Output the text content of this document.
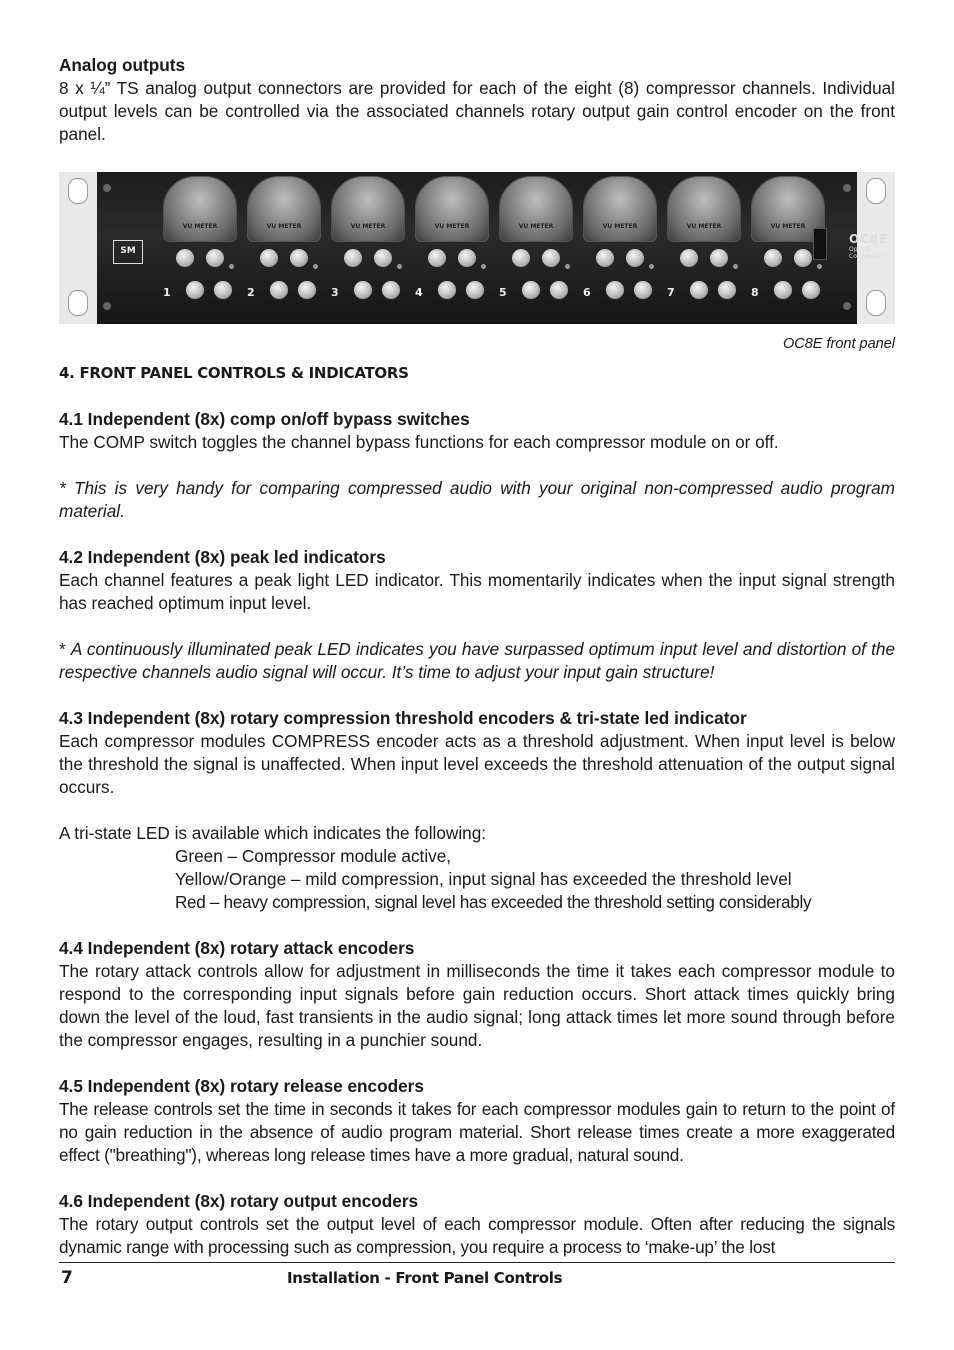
Analog outputs

8 x ¼” TS analog output connectors are provided for each of the eight (8) compressor channels. Individual output levels can be controlled via the associated channels rotary output gain control encoder on the front panel.

SM
VU METER
1
VU METER
2
VU METER
3
VU METER
4
VU METER
5
VU METER
6
VU METER
7
VU METER
8
OC8E
Optical
Compressor

OC8E front panel

4. FRONT PANEL CONTROLS & INDICATORS

4.1 Independent (8x) comp on/off bypass switches

The COMP switch toggles the channel bypass functions for each compressor module on or off.

* This is very handy for comparing compressed audio with your original non-compressed audio program material.

4.2 Independent (8x) peak led indicators

Each channel features a peak light LED indicator. This momentarily indicates when the input signal strength has reached optimum input level.

* A continuously illuminated peak LED indicates you have surpassed optimum input level and distortion of the respective channels audio signal will occur. It’s time to adjust your input gain structure!

4.3 Independent (8x) rotary compression threshold encoders & tri-state led indicator

Each compressor modules COMPRESS encoder acts as a threshold adjustment. When input level is below the threshold the signal is unaffected. When input level exceeds the threshold attenuation of the output signal occurs.

A tri-state LED is available which indicates the following:

Green – Compressor module active,

Yellow/Orange – mild compression, input signal has exceeded the threshold level

Red – heavy compression, signal level has exceeded the threshold setting considerably

4.4 Independent (8x) rotary attack encoders

The rotary attack controls allow for adjustment in milliseconds the time it takes each compressor module to respond to the corresponding input signals before gain reduction occurs. Short attack times quickly bring down the level of the loud, fast transients in the audio signal; long attack times let more sound through before the compressor engages, resulting in a punchier sound.

4.5 Independent (8x) rotary release encoders

The release controls set the time in seconds it takes for each compressor modules gain to return to the point of no gain reduction in the absence of audio program material. Short release times create a more exaggerated effect ("breathing"), whereas long release times have a more gradual, natural sound.

4.6 Independent (8x) rotary output encoders

The rotary output controls set the output level of each compressor module. Often after reducing the signals dynamic range with processing such as compression, you require a process to ‘make-up’ the lost

7	Installation - Front Panel Controls
